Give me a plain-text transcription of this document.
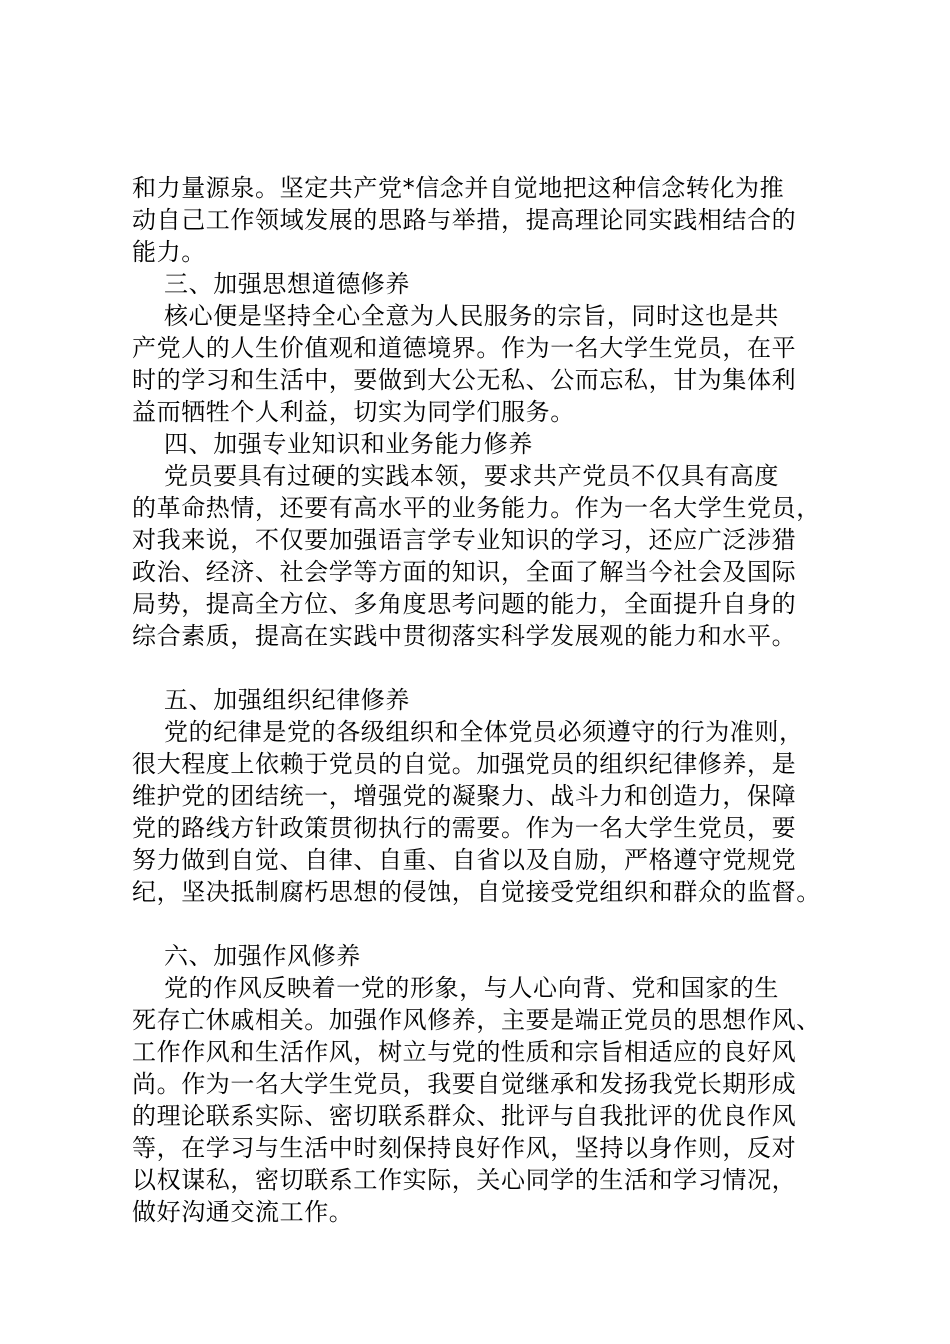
和力量源泉。坚定共产党*信念并自觉地把这种信念转化为推
动自己工作领域发展的思路与举措，提高理论同实践相结合的
能力。
三、加强思想道德修养
核心便是坚持全心全意为人民服务的宗旨，同时这也是共
产党人的人生价值观和道德境界。作为一名大学生党员，在平
时的学习和生活中，要做到大公无私、公而忘私，甘为集体利
益而牺牲个人利益，切实为同学们服务。
四、加强专业知识和业务能力修养
党员要具有过硬的实践本领，要求共产党员不仅具有高度
的革命热情，还要有高水平的业务能力。作为一名大学生党员，
对我来说，不仅要加强语言学专业知识的学习，还应广泛涉猎
政治、经济、社会学等方面的知识，全面了解当今社会及国际
局势，提高全方位、多角度思考问题的能力，全面提升自身的
综合素质，提高在实践中贯彻落实科学发展观的能力和水平。
五、加强组织纪律修养
党的纪律是党的各级组织和全体党员必须遵守的行为准则，
很大程度上依赖于党员的自觉。加强党员的组织纪律修养，是
维护党的团结统一，增强党的凝聚力、战斗力和创造力，保障
党的路线方针政策贯彻执行的需要。作为一名大学生党员，要
努力做到自觉、自律、自重、自省以及自励，严格遵守党规党
纪，坚决抵制腐朽思想的侵蚀，自觉接受党组织和群众的监督。
六、加强作风修养
党的作风反映着一党的形象，与人心向背、党和国家的生
死存亡休戚相关。加强作风修养，主要是端正党员的思想作风、
工作作风和生活作风，树立与党的性质和宗旨相适应的良好风
尚。作为一名大学生党员，我要自觉继承和发扬我党长期形成
的理论联系实际、密切联系群众、批评与自我批评的优良作风
等，在学习与生活中时刻保持良好作风，坚持以身作则，反对
以权谋私，密切联系工作实际，关心同学的生活和学习情况，
做好沟通交流工作。
